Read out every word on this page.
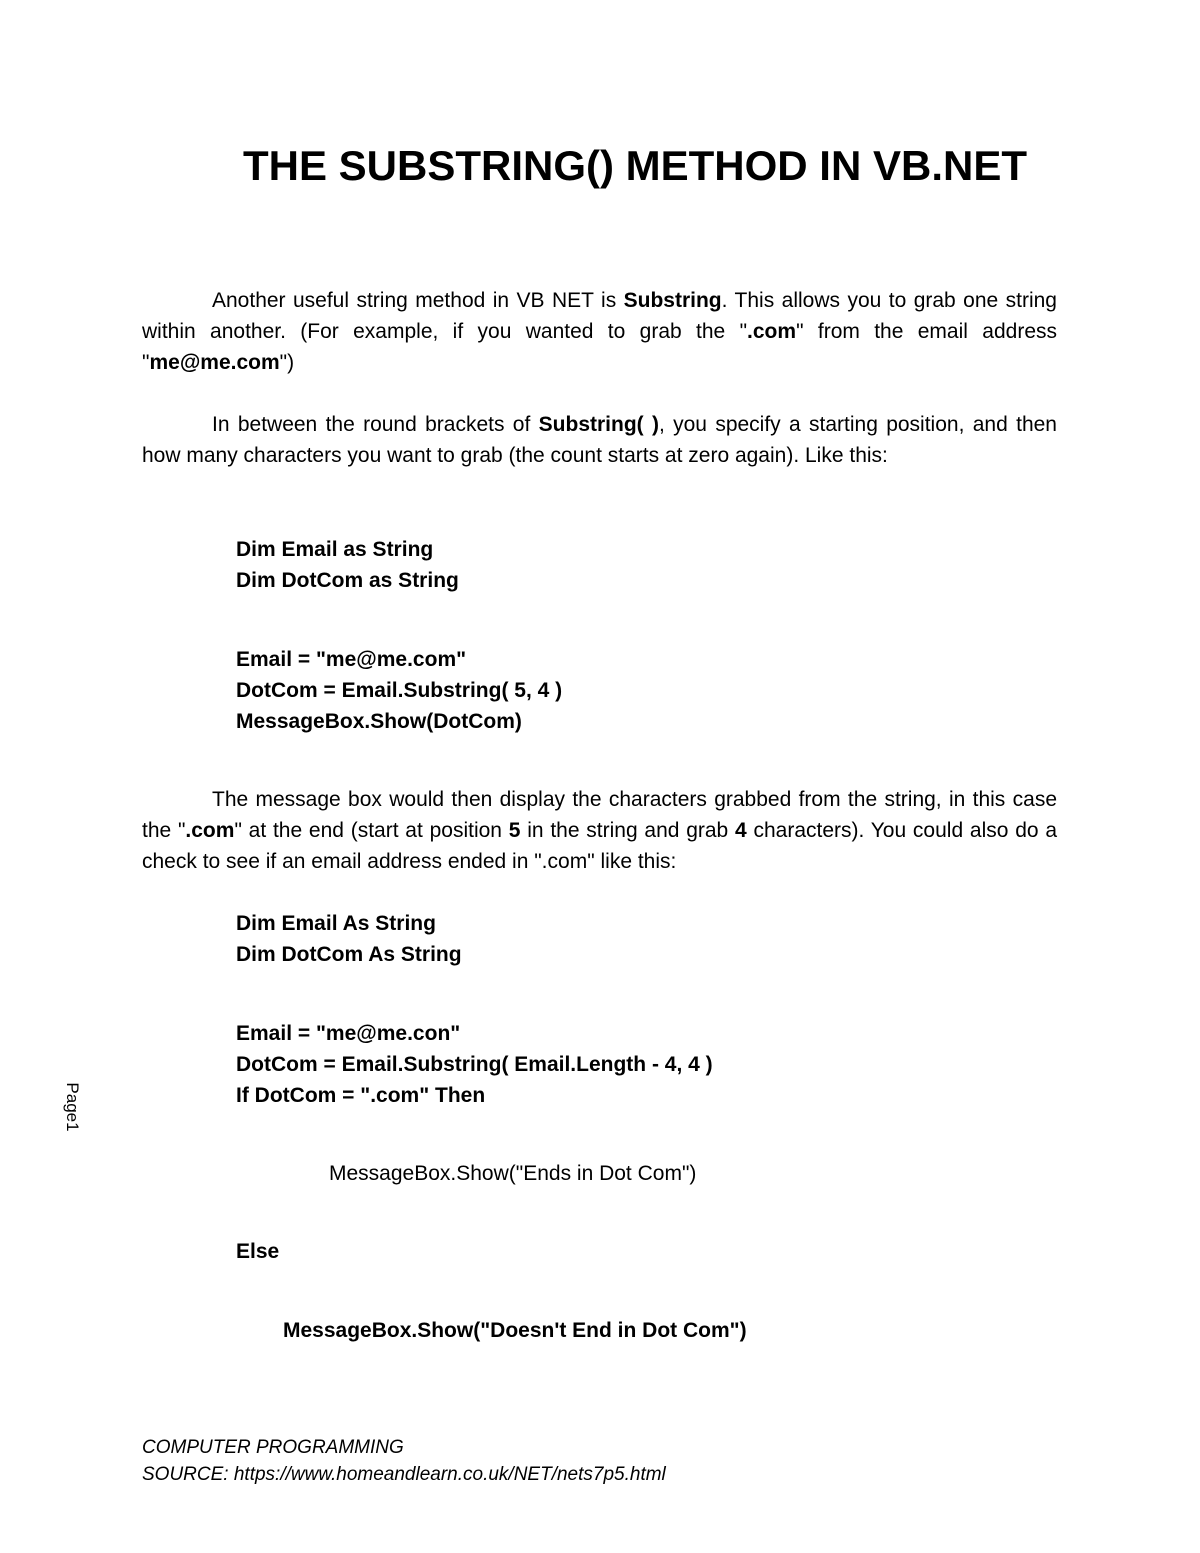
THE SUBSTRING() METHOD IN VB.NET

Another useful string method in VB NET is Substring. This allows you to grab one string within another. (For example, if you wanted to grab the ".com" from the email address "me@me.com")

In between the round brackets of Substring( ), you specify a starting position, and then how many characters you want to grab (the count starts at zero again). Like this:

Dim Email as String
Dim DotCom as String
Email = "me@me.com"
DotCom = Email.Substring( 5, 4 )
MessageBox.Show(DotCom)

The message box would then display the characters grabbed from the string, in this case the ".com" at the end (start at position 5 in the string and grab 4 characters). You could also do a check to see if an email address ended in ".com" like this:

Dim Email As String
Dim DotCom As String
Email = "me@me.con"
DotCom = Email.Substring( Email.Length - 4, 4 )
If DotCom = ".com" Then
MessageBox.Show("Ends in Dot Com")
Else
MessageBox.Show("Doesn't End in Dot Com")
Page1
COMPUTER PROGRAMMING
SOURCE: https://www.homeandlearn.co.uk/NET/nets7p5.html
